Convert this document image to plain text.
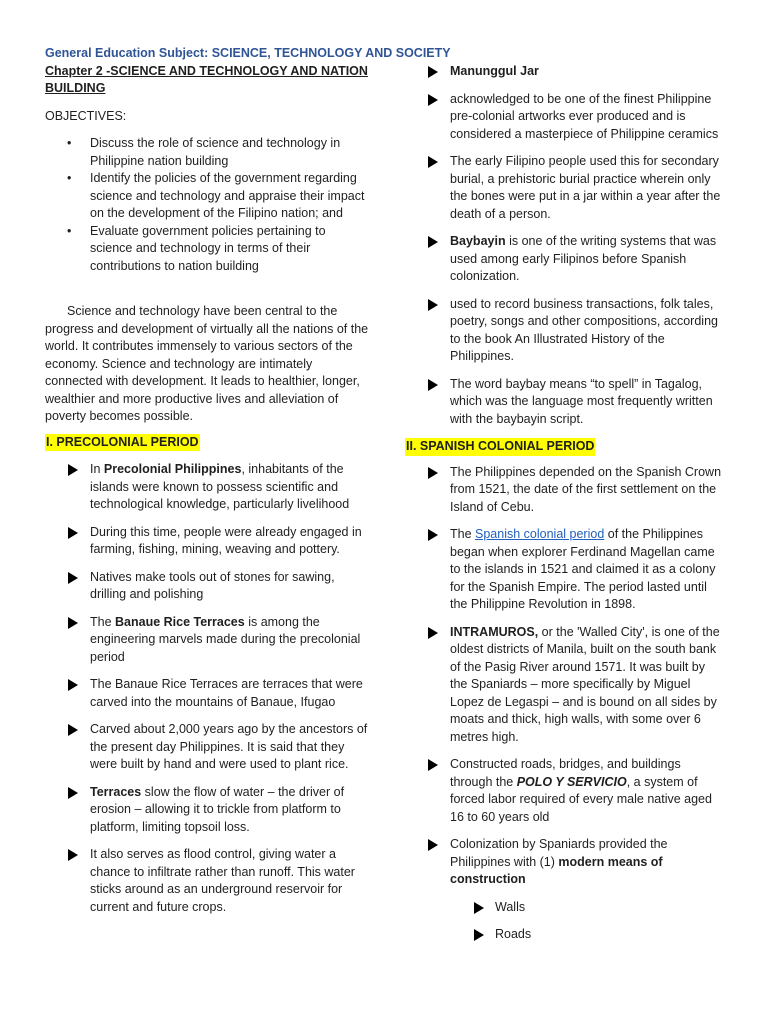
General Education Subject: SCIENCE, TECHNOLOGY AND SOCIETY

Chapter 2 -SCIENCE AND TECHNOLOGY AND NATION BUILDING

OBJECTIVES:

• Discuss the role of science and technology in Philippine nation building
• Identify the policies of the government regarding science and technology and appraise their impact on the development of the Filipino nation; and
• Evaluate government policies pertaining to science and technology in terms of their contributions to nation building

Science and technology have been central to the progress and development of virtually all the nations of the world. It contributes immensely to various sectors of the economy. Science and technology are intimately connected with development. It leads to healthier, longer, wealthier and more productive lives and alleviation of poverty becomes possible.

I. PRECOLONIAL PERIOD

In Precolonial Philippines, inhabitants of the islands were known to possess scientific and technological knowledge, particularly livelihood
During this time, people were already engaged in farming, fishing, mining, weaving and pottery.
Natives make tools out of stones for sawing, drilling and polishing
The Banaue Rice Terraces is among the engineering marvels made during the precolonial period
The Banaue Rice Terraces are terraces that were carved into the mountains of Banaue, Ifugao
Carved about 2,000 years ago by the ancestors of the present day Philippines. It is said that they were built by hand and were used to plant rice.
Terraces slow the flow of water – the driver of erosion – allowing it to trickle from platform to platform, limiting topsoil loss.
It also serves as flood control, giving water a chance to infiltrate rather than runoff. This water sticks around as an underground reservoir for current and future crops.
Manunggul Jar
acknowledged to be one of the finest Philippine pre-colonial artworks ever produced and is considered a masterpiece of Philippine ceramics
The early Filipino people used this for secondary burial, a prehistoric burial practice wherein only the bones were put in a jar within a year after the death of a person.
Baybayin is one of the writing systems that was used among early Filipinos before Spanish colonization.
used to record business transactions, folk tales, poetry, songs and other compositions, according to the book An Illustrated History of the Philippines.
The word baybay means “to spell” in Tagalog, which was the language most frequently written with the baybayin script.

II. SPANISH COLONIAL PERIOD

The Philippines depended on the Spanish Crown from 1521, the date of the first settlement on the Island of Cebu.
The Spanish colonial period of the Philippines began when explorer Ferdinand Magellan came to the islands in 1521 and claimed it as a colony for the Spanish Empire. The period lasted until the Philippine Revolution in 1898.
INTRAMUROS, or the 'Walled City', is one of the oldest districts of Manila, built on the south bank of the Pasig River around 1571. It was built by the Spaniards – more specifically by Miguel Lopez de Legaspi – and is bound on all sides by moats and thick, high walls, with some over 6 metres high.
Constructed roads, bridges, and buildings through the POLO Y SERVICIO, a system of forced labor required of every male native aged 16 to 60 years old
Colonization by Spaniards provided the Philippines with (1) modern means of construction
Walls
Roads
